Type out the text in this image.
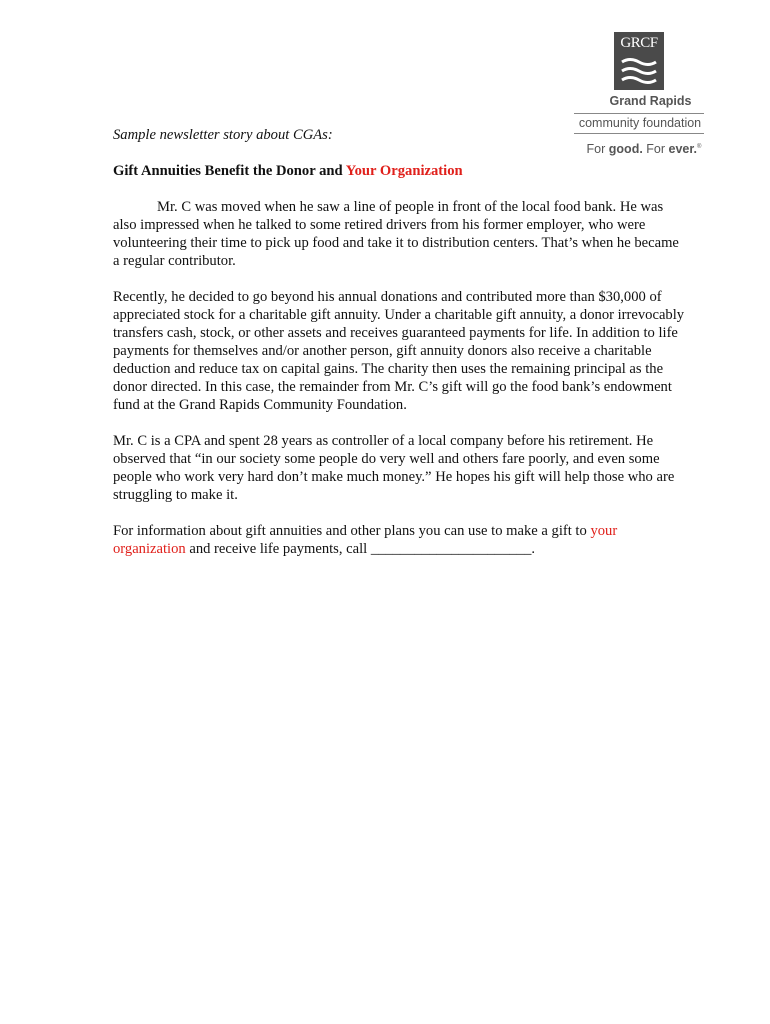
GRCF
Grand Rapids
community foundation
For good. For ever.®

Sample newsletter story about CGAs:

Gift Annuities Benefit the Donor and Your Organization

Mr. C was moved when he saw a line of people in front of the local food bank. He was also impressed when he talked to some retired drivers from his former employer, who were volunteering their time to pick up food and take it to distribution centers. That’s when he became a regular contributor.

Recently, he decided to go beyond his annual donations and contributed more than $30,000 of appreciated stock for a charitable gift annuity. Under a charitable gift annuity, a donor irrevocably transfers cash, stock, or other assets and receives guaranteed payments for life. In addition to life payments for themselves and/or another person, gift annuity donors also receive a charitable deduction and reduce tax on capital gains. The charity then uses the remaining principal as the donor directed. In this case, the remainder from Mr. C’s gift will go the food bank’s endowment fund at the Grand Rapids Community Foundation.

Mr. C is a CPA and spent 28 years as controller of a local company before his retirement. He observed that “in our society some people do very well and others fare poorly, and even some people who work very hard don’t make much money.” He hopes his gift will help those who are struggling to make it.

For information about gift annuities and other plans you can use to make a gift to your organization and receive life payments, call ______________________.
